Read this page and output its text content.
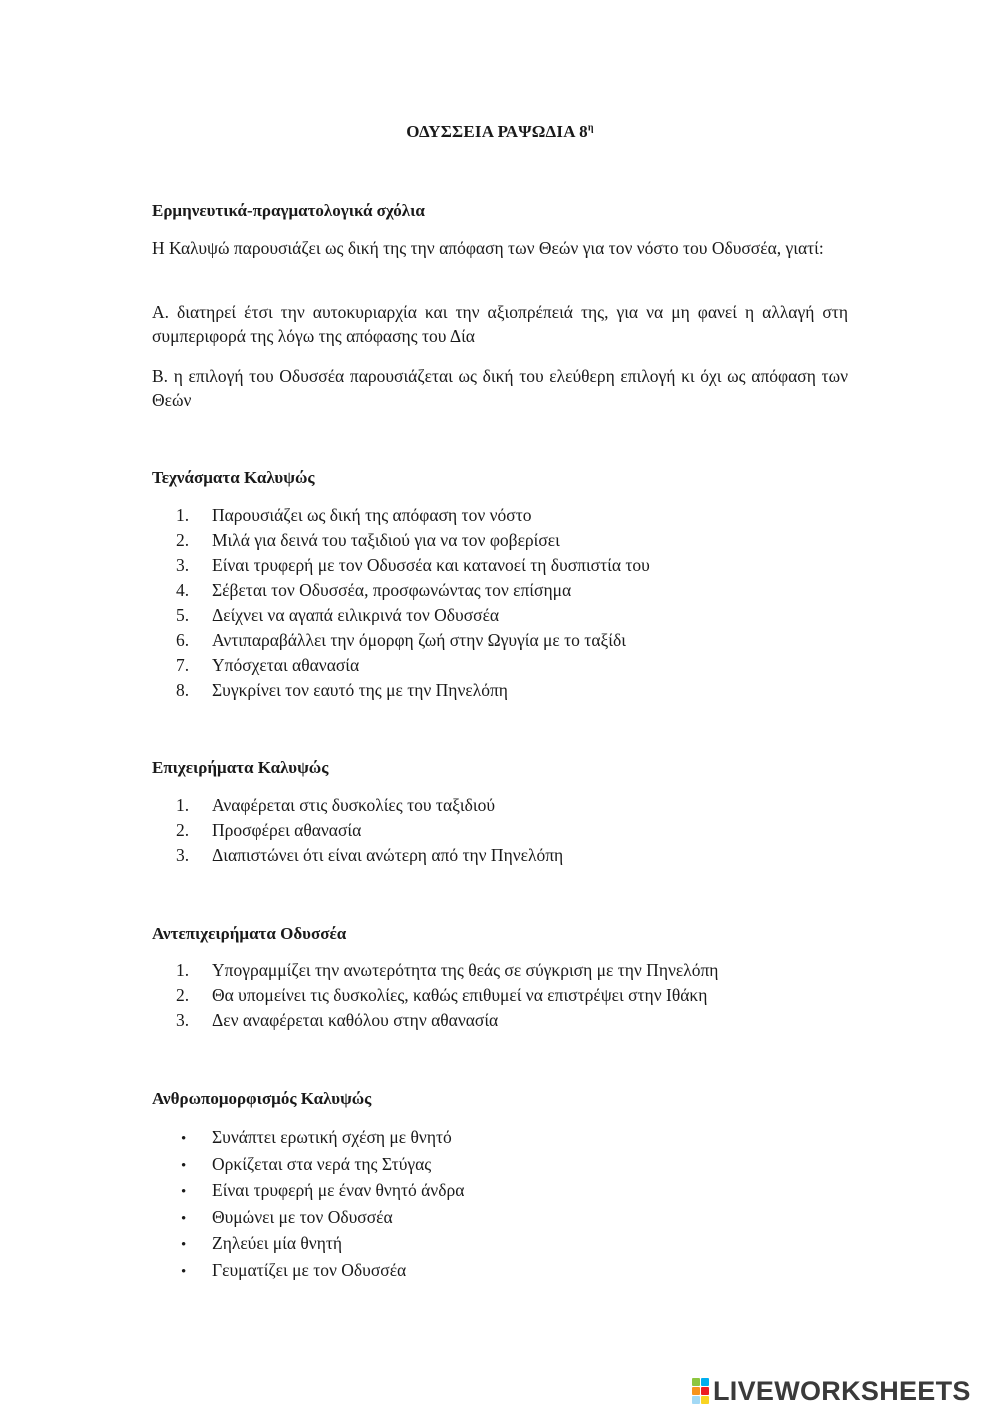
ΟΔΥΣΣΕΙΑ ΡΑΨΩΔΙΑ $8^\eta$
Ερμηνευτικά-πραγματολογικά σχόλια

Η Καλυψώ παρουσιάζει ως δική της την απόφαση των Θεών για τον νόστο του Οδυσσέα, γιατί:

Α. διατηρεί έτσι την αυτοκυριαρχία και την αξιοπρέπειά της, για να μη φανεί η αλλαγή στη συμπεριφορά της λόγω της απόφασης του Δία

Β. η επιλογή του Οδυσσέα παρουσιάζεται ως δική του ελεύθερη επιλογή κι όχι ως απόφαση των Θεών

Τεχνάσματα Καλυψώς
1. Παρουσιάζει ως δική της απόφαση τον νόστο
2. Μιλά για δεινά του ταξιδιού για να τον φοβερίσει
3. Είναι τρυφερή με τον Οδυσσέα και κατανοεί τη δυσπιστία του
4. Σέβεται τον Οδυσσέα, προσφωνώντας τον επίσημα
5. Δείχνει να αγαπά ειλικρινά τον Οδυσσέα
6. Αντιπαραβάλλει την όμορφη ζωή στην Ωγυγία με το ταξίδι
7. Υπόσχεται αθανασία
8. Συγκρίνει τον εαυτό της με την Πηνελόπη
Επιχειρήματα Καλυψώς
1. Αναφέρεται στις δυσκολίες του ταξιδιού
2. Προσφέρει αθανασία
3. Διαπιστώνει ότι είναι ανώτερη από την Πηνελόπη
Αντεπιχειρήματα Οδυσσέα
1. Υπογραμμίζει την ανωτερότητα της θεάς σε σύγκριση με την Πηνελόπη
2. Θα υπομείνει τις δυσκολίες, καθώς επιθυμεί να επιστρέψει στην Ιθάκη
3. Δεν αναφέρεται καθόλου στην αθανασία
Ανθρωπομορφισμός Καλυψώς
• Συνάπτει ερωτική σχέση με θνητό
• Ορκίζεται στα νερά της Στύγας
• Είναι τρυφερή με έναν θνητό άνδρα
• Θυμώνει με τον Οδυσσέα
• Ζηλεύει μία θνητή
• Γευματίζει με τον Οδυσσέα
LIVEWORKSHEETS
